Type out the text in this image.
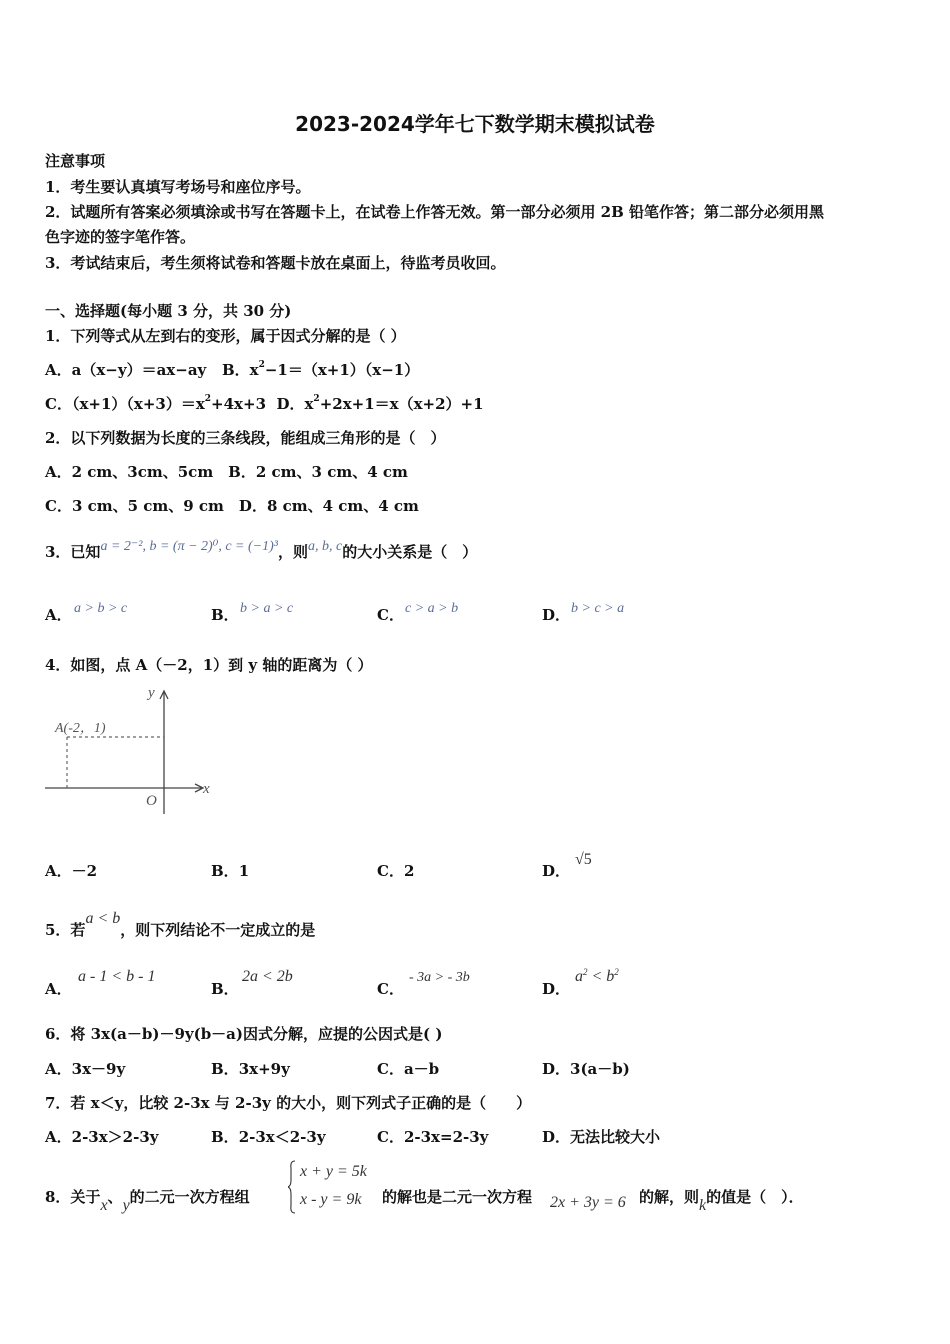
2023-2024学年七下数学期末模拟试卷
注意事项
1．考生要认真填写考场号和座位序号。
2．试题所有答案必须填涂或书写在答题卡上，在试卷上作答无效。第一部分必须用 2B 铅笔作答；第二部分必须用黑
色字迹的签字笔作答。
3．考试结束后，考生须将试卷和答题卡放在桌面上，待监考员收回。
一、选择题(每小题 3 分，共 30 分)
1．下列等式从左到右的变形，属于因式分解的是（ ）
A．a（x−y）＝ax−ay B．$x^2-1=(x+1)(x-1)$
C．$(x+1)(x+3)=x^2+4x+3$ D．$x^2+2x+1=x(x+2)+1$
2．以下列数据为长度的三条线段，能组成三角形的是（　）
A．2 cm、3cm、5cm　B．2 cm、3 cm、4 cm
C．3 cm、5 cm、9 cm　D．8 cm、4 cm、4 cm
3．已知a = 2⁻², b = (π − 2)⁰, c = (−1)³，则a, b, c的大小关系是（　）
A． a > b > c	B． b > a > c	C． c > a > b	D． b > c > a
4．如图，点 A（－2，1）到 y 轴的距离为（ ）
y
x
O
A(-2，1)
A．－2	B．1	C．2	D．
√5
5．若a < b，则下列结论不一定成立的是
A．
a - 1 < b - 1
B．
2a < 2b
C．
- 3a > - 3b
D．
$a^2 < b^2$
6．将 3x(a－b)－9y(b－a)因式分解，应提的公因式是( )
A．3x－9y	B．3x+9y	C．a－b	D．3(a－b)
7．若 x＜y，比较 2-3x 与 2-3y 的大小，则下列式子正确的是（　　）
A．2-3x＞2-3y	B．2-3x＜2-3y	C．2-3x=2-3y	D．无法比较大小
8．关于x、y的二元一次方程组
x + y = 5k
x - y = 9k 的解也是二元一次方程 2x + 3y = 6 的解，则k的值是（　）．
